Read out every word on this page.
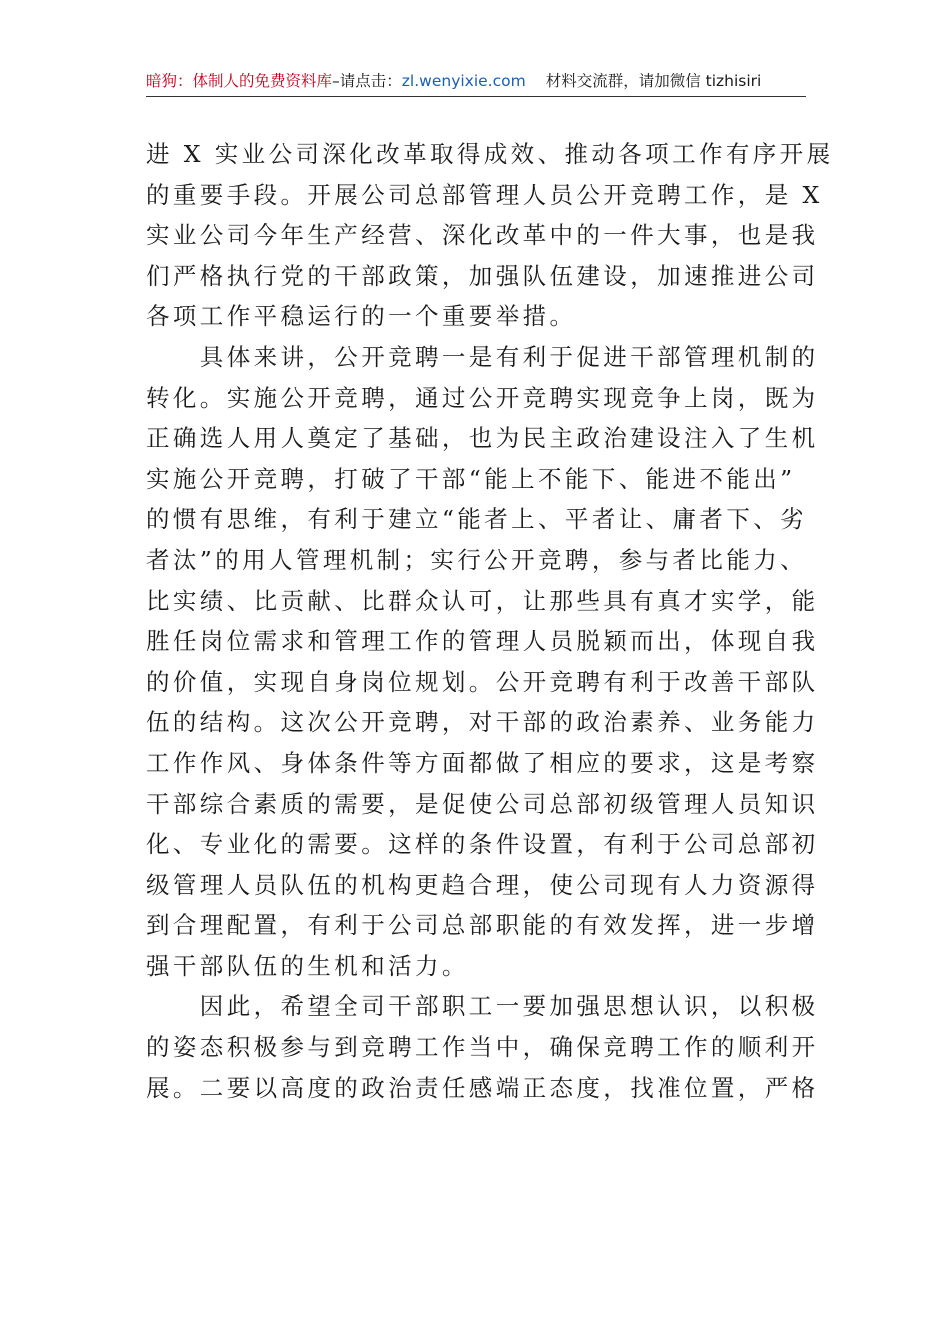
暗狗：体制人的免费资料库–请点击：zl.wenyixie.com 材料交流群，请加微信 tizhisiri
进 X 实业公司深化改革取得成效、推动各项工作有序开展
的重要手段。开展公司总部管理人员公开竞聘工作，是 X
实业公司今年生产经营、深化改革中的一件大事，也是我
们严格执行党的干部政策，加强队伍建设，加速推进公司
各项工作平稳运行的一个重要举措。
　　具体来讲，公开竞聘一是有利于促进干部管理机制的
转化。实施公开竞聘，通过公开竞聘实现竞争上岗，既为
正确选人用人奠定了基础，也为民主政治建设注入了生机
实施公开竞聘，打破了干部“能上不能下、能进不能出”
的惯有思维，有利于建立“能者上、平者让、庸者下、劣
者汰”的用人管理机制；实行公开竞聘，参与者比能力、
比实绩、比贡献、比群众认可，让那些具有真才实学，能
胜任岗位需求和管理工作的管理人员脱颖而出，体现自我
的价值，实现自身岗位规划。公开竞聘有利于改善干部队
伍的结构。这次公开竞聘，对干部的政治素养、业务能力
工作作风、身体条件等方面都做了相应的要求，这是考察
干部综合素质的需要，是促使公司总部初级管理人员知识
化、专业化的需要。这样的条件设置，有利于公司总部初
级管理人员队伍的机构更趋合理，使公司现有人力资源得
到合理配置，有利于公司总部职能的有效发挥，进一步增
强干部队伍的生机和活力。
　　因此，希望全司干部职工一要加强思想认识，以积极
的姿态积极参与到竞聘工作当中，确保竞聘工作的顺利开
展。二要以高度的政治责任感端正态度，找准位置，严格
